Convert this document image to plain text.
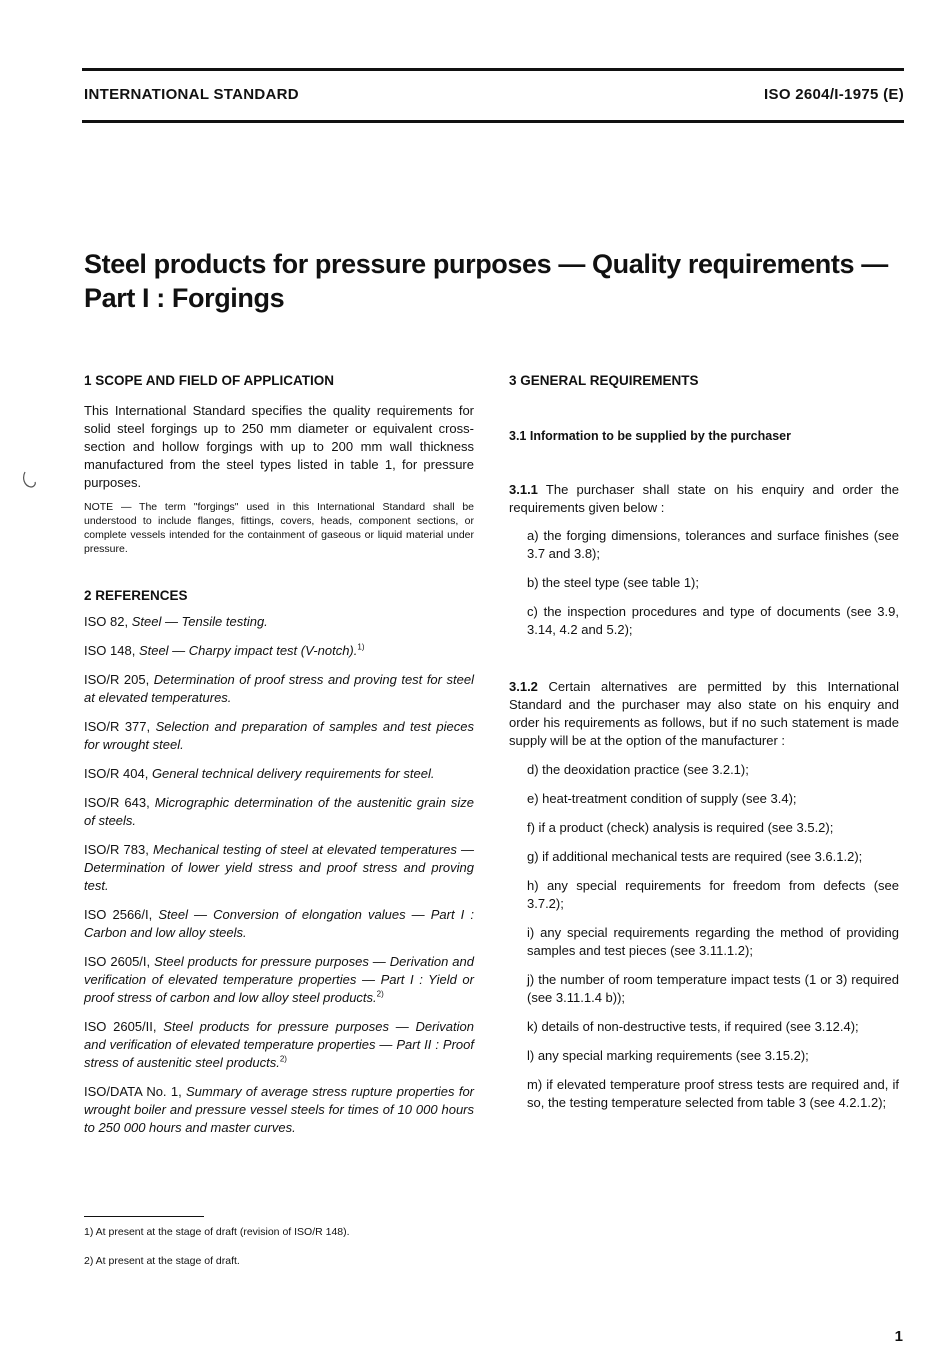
INTERNATIONAL STANDARD	ISO 2604/I-1975 (E)
Steel products for pressure purposes — Quality requirements —
Part I : Forgings
1 SCOPE AND FIELD OF APPLICATION

This International Standard specifies the quality requirements for solid steel forgings up to 250 mm diameter or equivalent cross-section and hollow forgings with up to 200 mm wall thickness manufactured from the steel types listed in table 1, for pressure purposes.

NOTE — The term "forgings" used in this International Standard shall be understood to include flanges, fittings, covers, heads, component sections, or complete vessels intended for the containment of gaseous or liquid material under pressure.

2 REFERENCES

ISO 82, Steel — Tensile testing.

ISO 148, Steel — Charpy impact test (V-notch).$^{1)}$

ISO/R 205, Determination of proof stress and proving test for steel at elevated temperatures.

ISO/R 377, Selection and preparation of samples and test pieces for wrought steel.

ISO/R 404, General technical delivery requirements for steel.

ISO/R 643, Micrographic determination of the austenitic grain size of steels.

ISO/R 783, Mechanical testing of steel at elevated temperatures — Determination of lower yield stress and proof stress and proving test.

ISO 2566/I, Steel — Conversion of elongation values — Part I : Carbon and low alloy steels.

ISO 2605/I, Steel products for pressure purposes — Derivation and verification of elevated temperature properties — Part I : Yield or proof stress of carbon and low alloy steel products.$^{2)}$

ISO 2605/II, Steel products for pressure purposes — Derivation and verification of elevated temperature properties — Part II : Proof stress of austenitic steel products.$^{2)}$

ISO/DATA No. 1, Summary of average stress rupture properties for wrought boiler and pressure vessel steels for times of 10 000 hours to 250 000 hours and master curves.

3 GENERAL REQUIREMENTS
3.1 Information to be supplied by the purchaser

3.1.1 The purchaser shall state on his enquiry and order the requirements given below :

a) the forging dimensions, tolerances and surface finishes (see 3.7 and 3.8);

b) the steel type (see table 1);

c) the inspection procedures and type of documents (see 3.9, 3.14, 4.2 and 5.2);

3.1.2 Certain alternatives are permitted by this International Standard and the purchaser may also state on his enquiry and order his requirements as follows, but if no such statement is made supply will be at the option of the manufacturer :

d) the deoxidation practice (see 3.2.1);

e) heat-treatment condition of supply (see 3.4);

f) if a product (check) analysis is required (see 3.5.2);

g) if additional mechanical tests are required (see 3.6.1.2);

h) any special requirements for freedom from defects (see 3.7.2);

i) any special requirements regarding the method of providing samples and test pieces (see 3.11.1.2);

j) the number of room temperature impact tests (1 or 3) required (see 3.11.1.4 b));

k) details of non-destructive tests, if required (see 3.12.4);

l) any special marking requirements (see 3.15.2);

m) if elevated temperature proof stress tests are required and, if so, the testing temperature selected from table 3 (see 4.2.1.2);

1) At present at the stage of draft (revision of ISO/R 148).
2) At present at the stage of draft.
1
